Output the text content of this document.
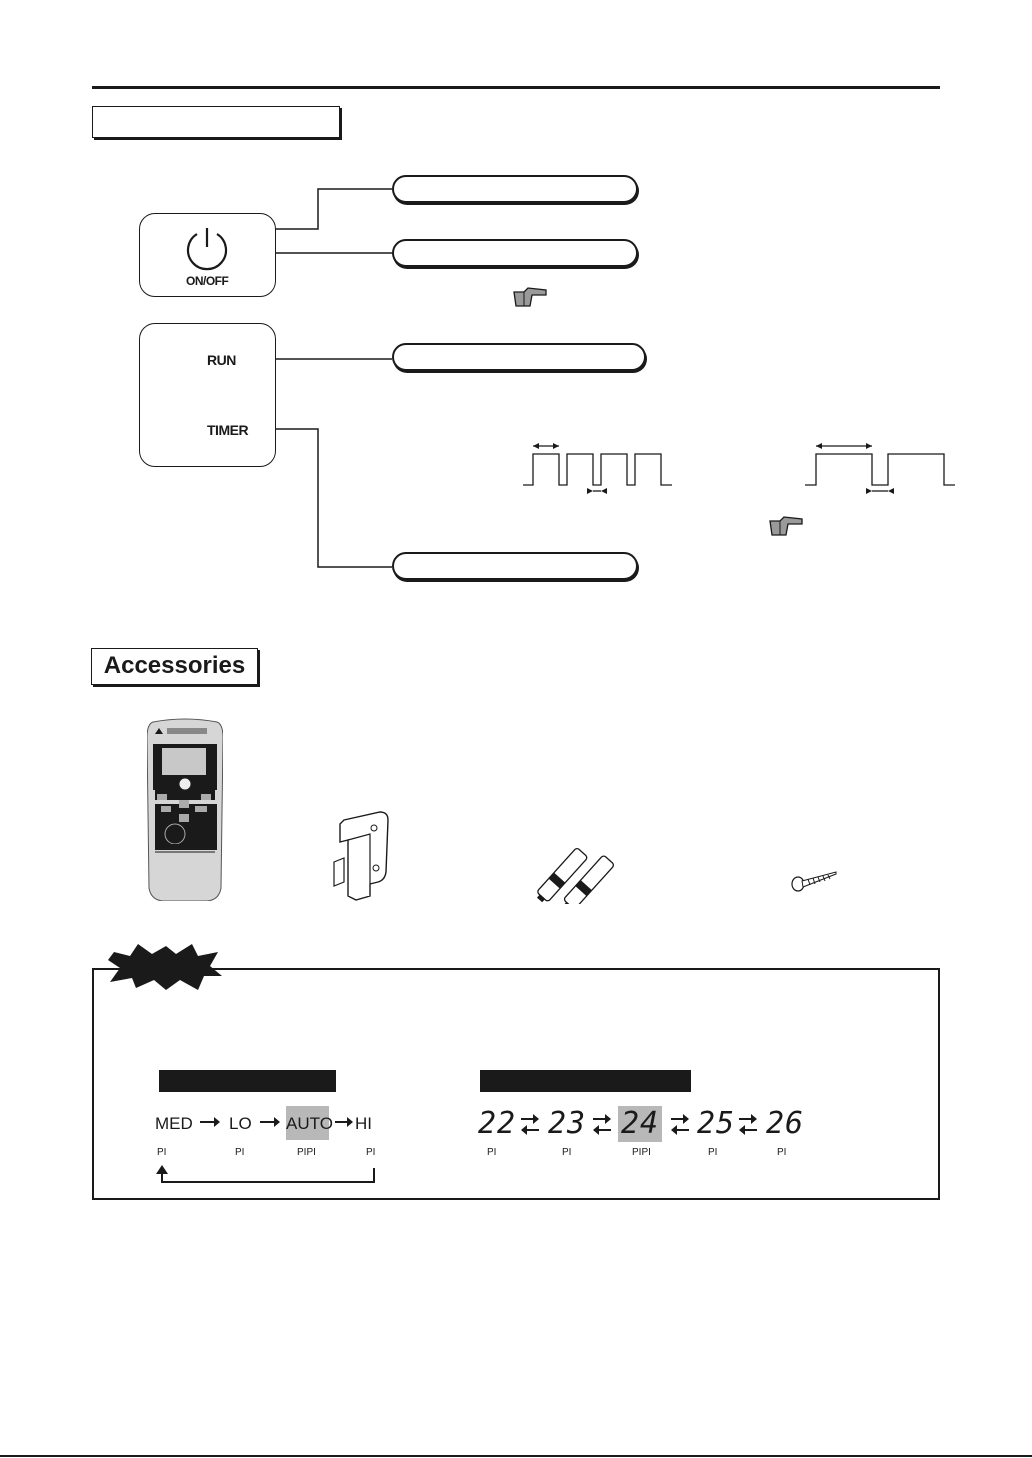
ON/OFF
RUN
TIMER
Accessories
MED LO AUTO HI
PI	PI	PIPI	PI
22 23 24 25 26
PI	PI	PIPI	PI	PI
